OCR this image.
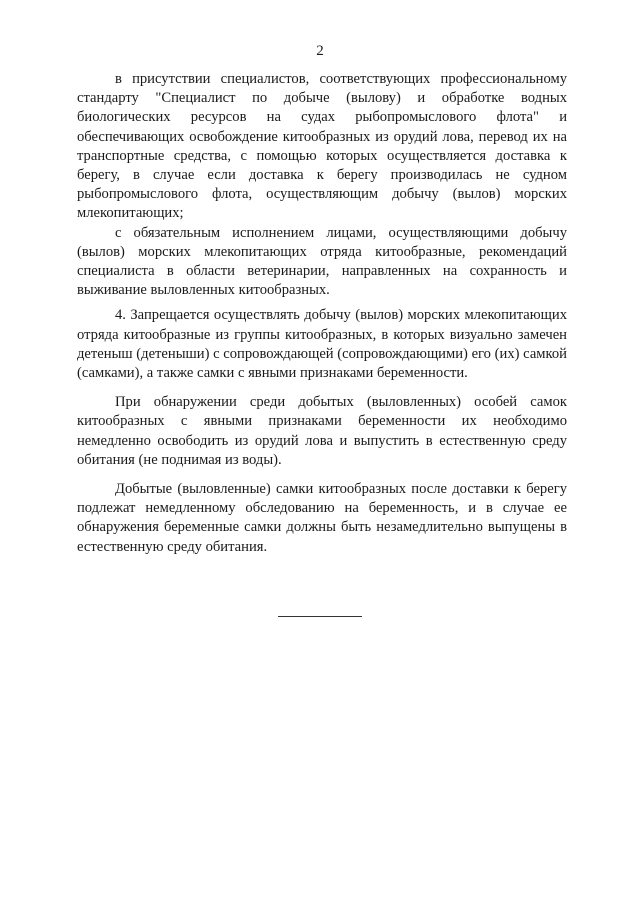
2

в присутствии специалистов, соответствующих профессиональному стандарту "Специалист по добыче (вылову) и обработке водных биологических ресурсов на судах рыбопромыслового флота" и обеспечивающих освобождение китообразных из орудий лова, перевод их на транспортные средства, с помощью которых осуществляется доставка к берегу, в случае если доставка к берегу производилась не судном рыбопромыслового флота, осуществляющим добычу (вылов) морских млекопитающих;

с обязательным исполнением лицами, осуществляющими добычу (вылов) морских млекопитающих отряда китообразные, рекомендаций специалиста в области ветеринарии, направленных на сохранность и выживание выловленных китообразных.

4. Запрещается осуществлять добычу (вылов) морских млекопитающих отряда китообразные из группы китообразных, в которых визуально замечен детеныш (детеныши) с сопровождающей (сопровождающими) его (их) самкой (самками), а также самки с явными признаками беременности.

При обнаружении среди добытых (выловленных) особей самок китообразных с явными признаками беременности их необходимо немедленно освободить из орудий лова и выпустить в естественную среду обитания (не поднимая из воды).

Добытые (выловленные) самки китообразных после доставки к берегу подлежат немедленному обследованию на беременность, и в случае ее обнаружения беременные самки должны быть незамедлительно выпущены в естественную среду обитания.
